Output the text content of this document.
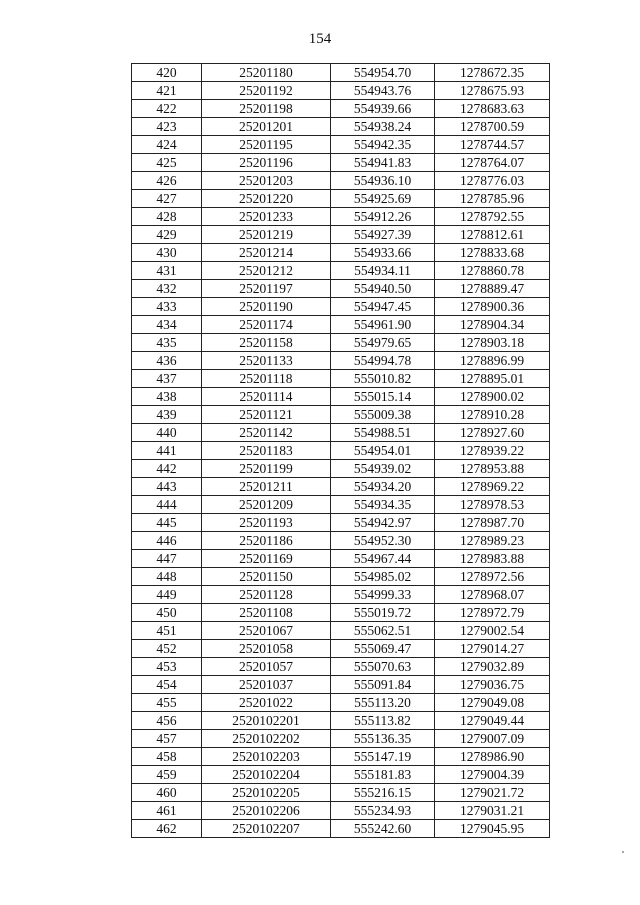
154
420	25201180	554954.70	1278672.35
421	25201192	554943.76	1278675.93
422	25201198	554939.66	1278683.63
423	25201201	554938.24	1278700.59
424	25201195	554942.35	1278744.57
425	25201196	554941.83	1278764.07
426	25201203	554936.10	1278776.03
427	25201220	554925.69	1278785.96
428	25201233	554912.26	1278792.55
429	25201219	554927.39	1278812.61
430	25201214	554933.66	1278833.68
431	25201212	554934.11	1278860.78
432	25201197	554940.50	1278889.47
433	25201190	554947.45	1278900.36
434	25201174	554961.90	1278904.34
435	25201158	554979.65	1278903.18
436	25201133	554994.78	1278896.99
437	25201118	555010.82	1278895.01
438	25201114	555015.14	1278900.02
439	25201121	555009.38	1278910.28
440	25201142	554988.51	1278927.60
441	25201183	554954.01	1278939.22
442	25201199	554939.02	1278953.88
443	25201211	554934.20	1278969.22
444	25201209	554934.35	1278978.53
445	25201193	554942.97	1278987.70
446	25201186	554952.30	1278989.23
447	25201169	554967.44	1278983.88
448	25201150	554985.02	1278972.56
449	25201128	554999.33	1278968.07
450	25201108	555019.72	1278972.79
451	25201067	555062.51	1279002.54
452	25201058	555069.47	1279014.27
453	25201057	555070.63	1279032.89
454	25201037	555091.84	1279036.75
455	25201022	555113.20	1279049.08
456	2520102201	555113.82	1279049.44
457	2520102202	555136.35	1279007.09
458	2520102203	555147.19	1278986.90
459	2520102204	555181.83	1279004.39
460	2520102205	555216.15	1279021.72
461	2520102206	555234.93	1279031.21
462	2520102207	555242.60	1279045.95
